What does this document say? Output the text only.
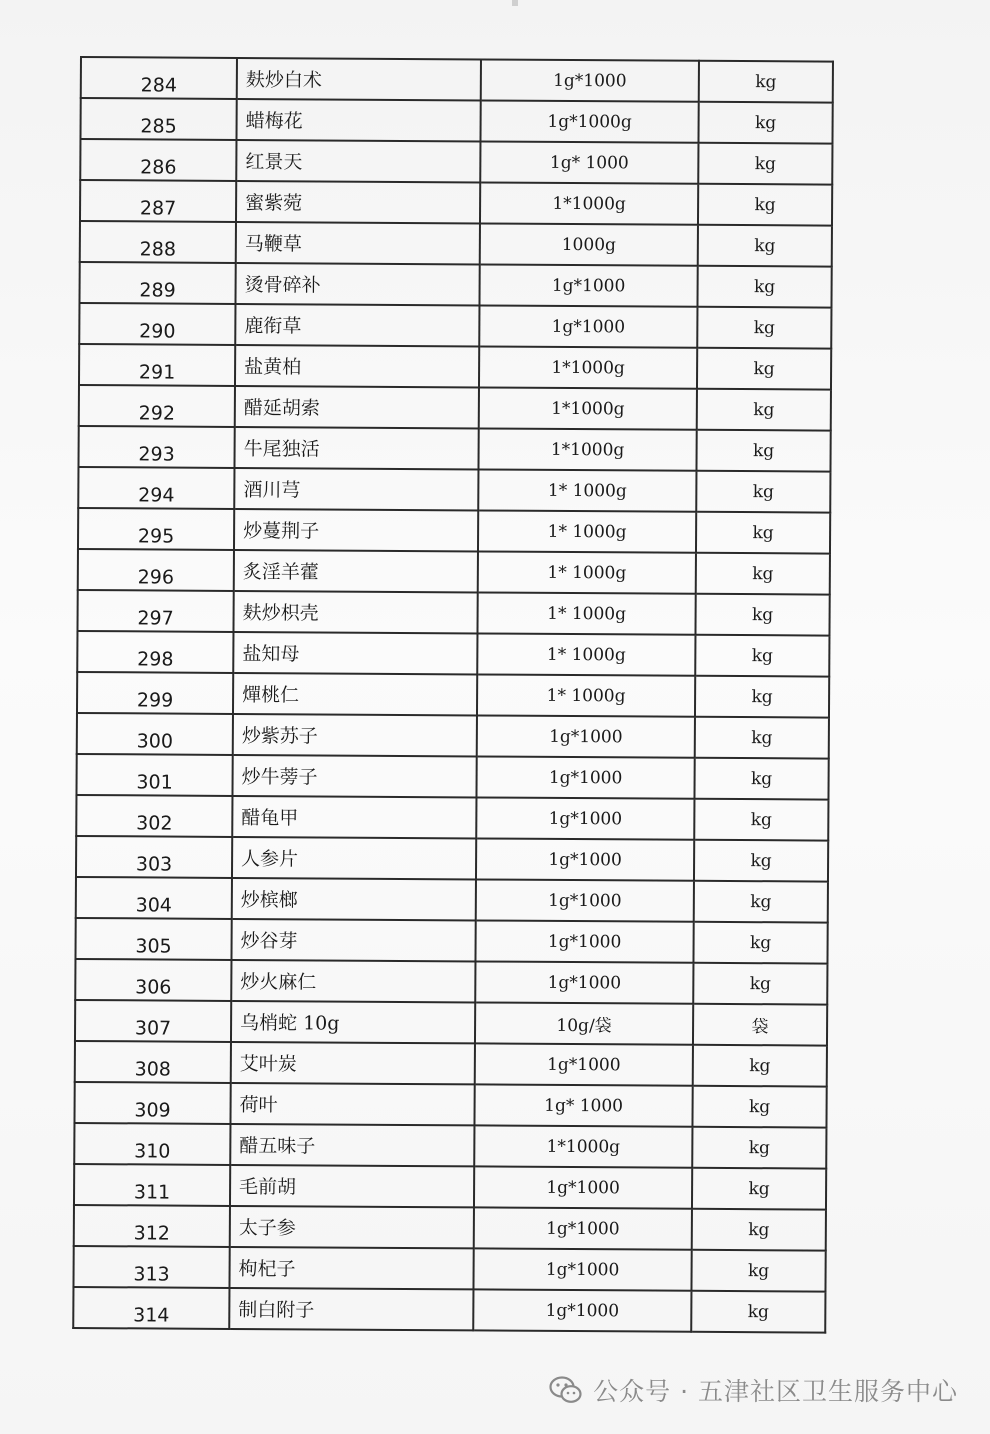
284	麸炒白术	1g*1000	kg
285	蜡梅花	1g*1000g	kg
286	红景天	1g* 1000	kg
287	蜜紫菀	1*1000g	kg
288	马鞭草	1000g	kg
289	烫骨碎补	1g*1000	kg
290	鹿衔草	1g*1000	kg
291	盐黄柏	1*1000g	kg
292	醋延胡索	1*1000g	kg
293	牛尾独活	1*1000g	kg
294	酒川芎	1* 1000g	kg
295	炒蔓荆子	1* 1000g	kg
296	炙淫羊藿	1* 1000g	kg
297	麸炒枳壳	1* 1000g	kg
298	盐知母	1* 1000g	kg
299	燀桃仁	1* 1000g	kg
300	炒紫苏子	1g*1000	kg
301	炒牛蒡子	1g*1000	kg
302	醋龟甲	1g*1000	kg
303	人参片	1g*1000	kg
304	炒槟榔	1g*1000	kg
305	炒谷芽	1g*1000	kg
306	炒火麻仁	1g*1000	kg
307	乌梢蛇 10g	10g/袋	袋
308	艾叶炭	1g*1000	kg
309	荷叶	1g* 1000	kg
310	醋五味子	1*1000g	kg
311	毛前胡	1g*1000	kg
312	太子参	1g*1000	kg
313	枸杞子	1g*1000	kg
314	制白附子	1g*1000	kg
公众号 · 五津社区卫生服务中心
